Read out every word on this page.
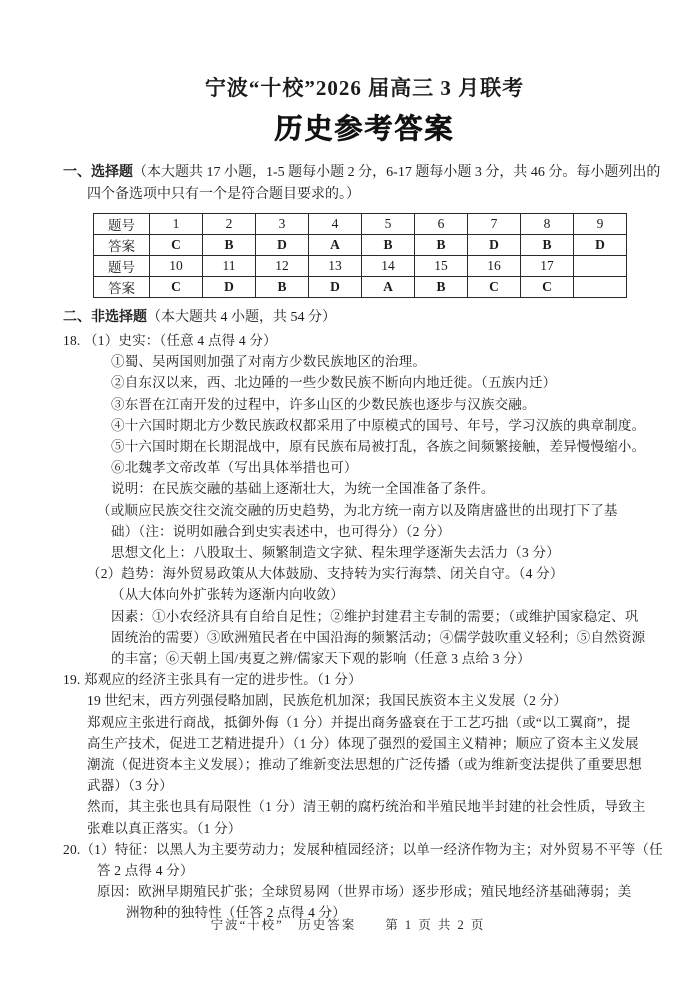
宁波“十校”2026 届高三 3 月联考
历史参考答案
一、选择题（本大题共 17 小题，1-5 题每小题 2 分，6-17 题每小题 3 分，共 46 分。每小题列出的
四个备选项中只有一个是符合题目要求的。）
题号	1	2	3	4	5	6	7	8	9
答案	C	B	D	A	B	B	D	B	D
题号	10	11	12	13	14	15	16	17	
答案	C	D	B	D	A	B	C	C	
二、非选择题（本大题共 4 小题，共 54 分）
18. （1）史实：（任意 4 点得 4 分）
①蜀、吴两国则加强了对南方少数民族地区的治理。
②自东汉以来，西、北边陲的一些少数民族不断向内地迁徙。（五族内迁）
③东晋在江南开发的过程中，许多山区的少数民族也逐步与汉族交融。
④十六国时期北方少数民族政权都采用了中原模式的国号、年号，学习汉族的典章制度。
⑤十六国时期在长期混战中，原有民族布局被打乱，各族之间频繁接触，差异慢慢缩小。
⑥北魏孝文帝改革（写出具体举措也可）
说明：在民族交融的基础上逐渐壮大，为统一全国准备了条件。
（或顺应民族交往交流交融的历史趋势，为北方统一南方以及隋唐盛世的出现打下了基
础）（注：说明如融合到史实表述中，也可得分）（2 分）
思想文化上：八股取士、频繁制造文字狱、程朱理学逐渐失去活力（3 分）
（2）趋势：海外贸易政策从大体鼓励、支持转为实行海禁、闭关自守。（4 分）
（从大体向外扩张转为逐渐内向收敛）
因素：①小农经济具有自给自足性；②维护封建君主专制的需要；（或维护国家稳定、巩
固统治的需要）③欧洲殖民者在中国沿海的频繁活动；④儒学鼓吹重义轻利；⑤自然资源
的丰富；⑥天朝上国/夷夏之辨/儒家天下观的影响（任意 3 点给 3 分）
19. 郑观应的经济主张具有一定的进步性。（1 分）
19 世纪末，西方列强侵略加剧，民族危机加深；我国民族资本主义发展（2 分）
郑观应主张进行商战，抵御外侮（1 分）并提出商务盛衰在于工艺巧拙（或“以工翼商”，提
高生产技术，促进工艺精进提升）（1 分）体现了强烈的爱国主义精神；顺应了资本主义发展
潮流（促进资本主义发展）；推动了维新变法思想的广泛传播（或为维新变法提供了重要思想
武器）（3 分）
然而，其主张也具有局限性（1 分）清王朝的腐朽统治和半殖民地半封建的社会性质，导致主
张难以真正落实。（1 分）
20.（1）特征：以黑人为主要劳动力；发展种植园经济；以单一经济作物为主；对外贸易不平等（任
答 2 点得 4 分）
原因：欧洲早期殖民扩张；全球贸易网（世界市场）逐步形成；殖民地经济基础薄弱；美
洲物种的独特性（任答 2 点得 4 分）
宁波“十校”　历史答案　　第 1 页 共 2 页
